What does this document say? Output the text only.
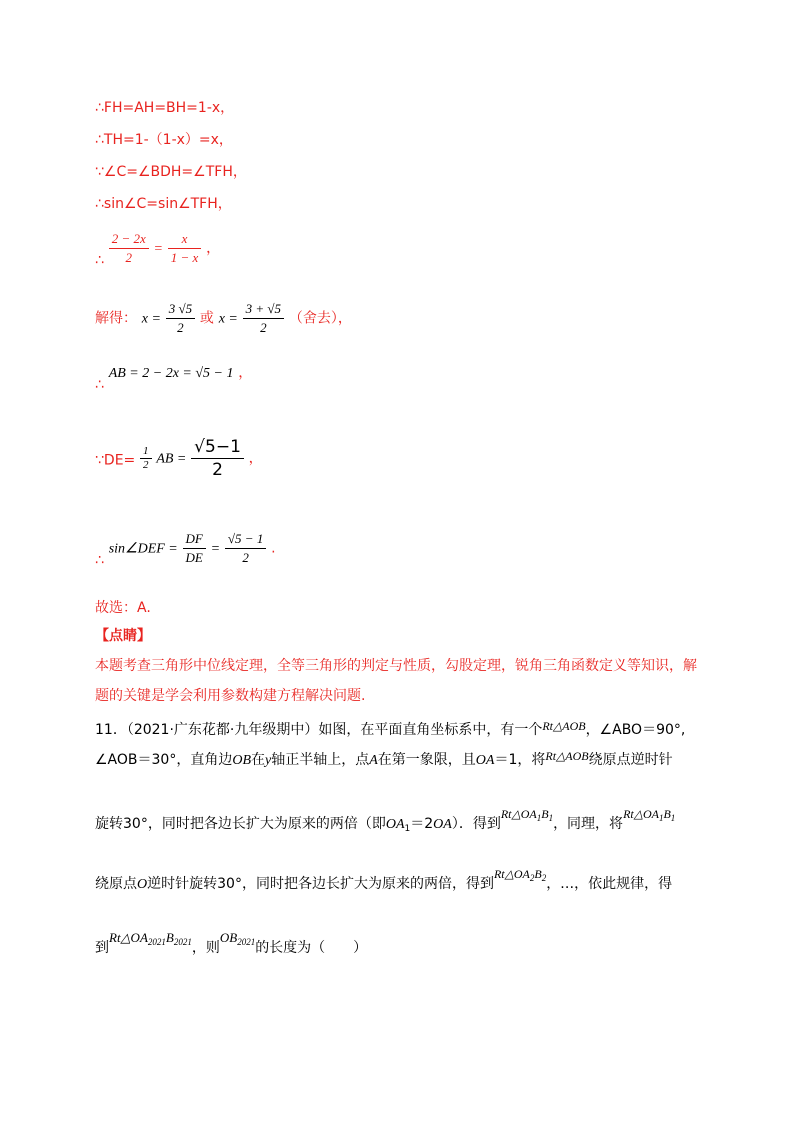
∴FH=AH=BH=1-x，
∴TH=1-（1-x）=x，
∵∠C=∠BDH=∠TFH，
∴sin∠C=sin∠TFH，
∴ $\frac{2 - 2x}{2} = \frac{x}{1 - x}$ ，
解得： $x = \frac{3 √5}{2}$ 或 $x = \frac{3 + √5}{2}$ （舍去），
∴ AB = 2 − 2x = √5 − 1 ，
∵DE= $\frac{1}{2}$ AB = $\frac{√5-1}{2}$ ，
∴ sin∠DEF = $\frac{DF}{DE} = \frac{√5 - 1}{2}$ .
故选：A.
【点睛】
本题考查三角形中位线定理，全等三角形的判定与性质，勾股定理，锐角三角函数定义等知识，解
题的关键是学会利用参数构建方程解决问题.
11．（2021·广东花都·九年级期中）如图，在平面直角坐标系中，有一个Rt△AOB，∠ABO＝90°,
∠AOB＝30°，直角边OB在y轴正半轴上，点A在第一象限，且OA＝1，将Rt△AOB绕原点逆时针
旋转30°，同时把各边长扩大为原来的两倍（即$OA_1=2OA$）．得到$Rt\triangle OA_1B_1$，同理，将$Rt\triangle OA_1B_1$
绕原点O逆时针旋转30°，同时把各边长扩大为原来的两倍，得到$Rt\triangle OA_2B_2$，…，依此规律，得
到$Rt\triangle OA_{2021}B_{2021}$，则$OB_{2021}$的长度为（　　）
